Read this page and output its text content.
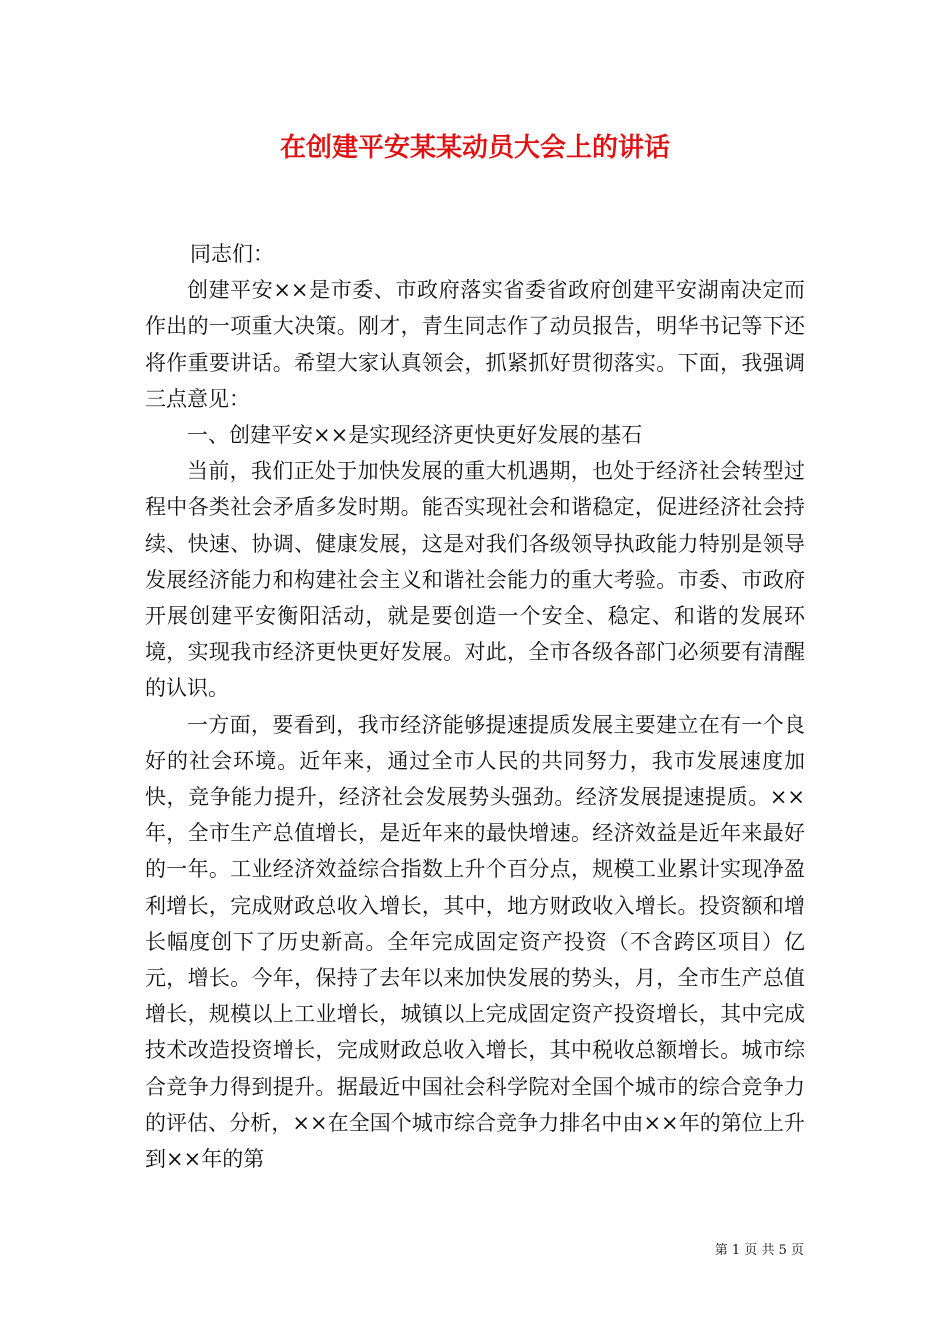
在创建平安某某动员大会上的讲话

同志们：

创建平安××是市委、市政府落实省委省政府创建平安湖南决定而作出的一项重大决策。刚才，青生同志作了动员报告，明华书记等下还将作重要讲话。希望大家认真领会，抓紧抓好贯彻落实。下面，我强调三点意见：

一、创建平安××是实现经济更快更好发展的基石

当前，我们正处于加快发展的重大机遇期，也处于经济社会转型过程中各类社会矛盾多发时期。能否实现社会和谐稳定，促进经济社会持续、快速、协调、健康发展，这是对我们各级领导执政能力特别是领导发展经济能力和构建社会主义和谐社会能力的重大考验。市委、市政府开展创建平安衡阳活动，就是要创造一个安全、稳定、和谐的发展环境，实现我市经济更快更好发展。对此，全市各级各部门必须要有清醒的认识。

一方面，要看到，我市经济能够提速提质发展主要建立在有一个良好的社会环境。近年来，通过全市人民的共同努力，我市发展速度加快，竞争能力提升，经济社会发展势头强劲。经济发展提速提质。××年，全市生产总值增长，是近年来的最快增速。经济效益是近年来最好的一年。工业经济效益综合指数上升个百分点，规模工业累计实现净盈利增长，完成财政总收入增长，其中，地方财政收入增长。投资额和增长幅度创下了历史新高。全年完成固定资产投资（不含跨区项目）亿元，增长。今年，保持了去年以来加快发展的势头，月，全市生产总值增长，规模以上工业增长，城镇以上完成固定资产投资增长，其中完成技术改造投资增长，完成财政总收入增长，其中税收总额增长。城市综合竞争力得到提升。据最近中国社会科学院对全国个城市的综合竞争力的评估、分析，××在全国个城市综合竞争力排名中由××年的第位上升到××年的第

第 1 页 共 5 页
